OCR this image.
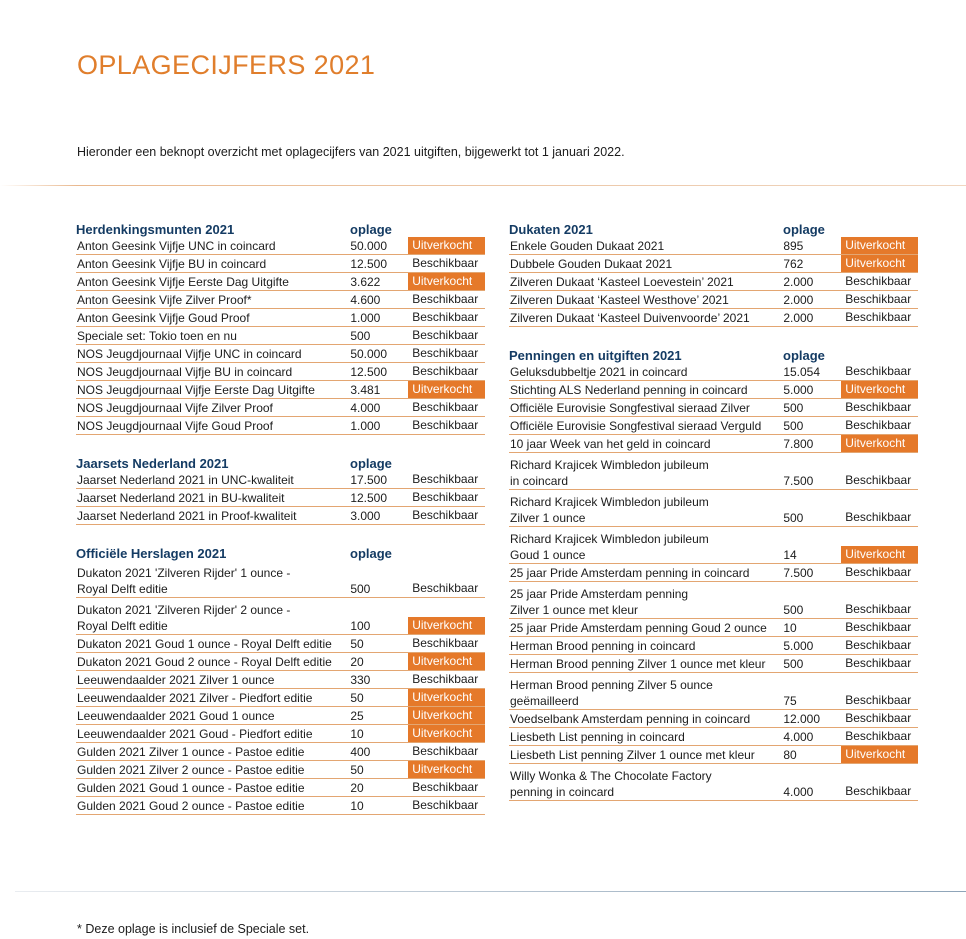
OPLAGECIJFERS 2021

Hieronder een beknopt overzicht met oplagecijfers van 2021 uitgiften, bijgewerkt tot 1 januari 2022.

Herdenkingsmunten 2021	oplage
Anton Geesink Vijfje UNC in coincard	50.000	Uitverkocht
Anton Geesink Vijfje BU in coincard	12.500	Beschikbaar
Anton Geesink Vijfje Eerste Dag Uitgifte	3.622	Uitverkocht
Anton Geesink Vijfe Zilver Proof*	4.600	Beschikbaar
Anton Geesink Vijfje Goud Proof	1.000	Beschikbaar
Speciale set: Tokio toen en nu	500	Beschikbaar
NOS Jeugdjournaal Vijfje UNC in coincard	50.000	Beschikbaar
NOS Jeugdjournaal Vijfje BU in coincard	12.500	Beschikbaar
NOS Jeugdjournaal Vijfje Eerste Dag Uitgifte	3.481	Uitverkocht
NOS Jeugdjournaal Vijfe Zilver Proof	4.000	Beschikbaar
NOS Jeugdjournaal Vijfe Goud Proof	1.000	Beschikbaar
Jaarsets Nederland 2021	oplage
Jaarset Nederland 2021 in UNC-kwaliteit	17.500	Beschikbaar
Jaarset Nederland 2021 in BU-kwaliteit	12.500	Beschikbaar
Jaarset Nederland 2021 in Proof-kwaliteit	3.000	Beschikbaar
Officiële Herslagen 2021	oplage
Dukaton 2021 'Zilveren Rijder' 1 ounce -
Royal Delft editie	500	Beschikbaar
Dukaton 2021 'Zilveren Rijder' 2 ounce -
Royal Delft editie	100	Uitverkocht
Dukaton 2021 Goud 1 ounce - Royal Delft editie	50	Beschikbaar
Dukaton 2021 Goud 2 ounce - Royal Delft editie	20	Uitverkocht
Leeuwendaalder 2021 Zilver 1 ounce	330	Beschikbaar
Leeuwendaalder 2021 Zilver - Piedfort editie	50	Uitverkocht
Leeuwendaalder 2021 Goud 1 ounce	25	Uitverkocht
Leeuwendaalder 2021 Goud - Piedfort editie	10	Uitverkocht
Gulden 2021 Zilver 1 ounce - Pastoe editie	400	Beschikbaar
Gulden 2021 Zilver 2 ounce - Pastoe editie	50	Uitverkocht
Gulden 2021 Goud 1 ounce - Pastoe editie	20	Beschikbaar
Gulden 2021 Goud 2 ounce - Pastoe editie	10	Beschikbaar
Dukaten 2021	oplage
Enkele Gouden Dukaat 2021	895	Uitverkocht
Dubbele Gouden Dukaat 2021	762	Uitverkocht
Zilveren Dukaat ‘Kasteel Loevestein’ 2021	2.000	Beschikbaar
Zilveren Dukaat ‘Kasteel Westhove’ 2021	2.000	Beschikbaar
Zilveren Dukaat ‘Kasteel Duivenvoorde’ 2021	2.000	Beschikbaar
Penningen en uitgiften 2021	oplage
Geluksdubbeltje 2021 in coincard	15.054	Beschikbaar
Stichting ALS Nederland penning in coincard	5.000	Uitverkocht
Officiële Eurovisie Songfestival sieraad Zilver	500	Beschikbaar
Officiële Eurovisie Songfestival sieraad Verguld	500	Beschikbaar
10 jaar Week van het geld in coincard	7.800	Uitverkocht
Richard Krajicek Wimbledon jubileum
in coincard	7.500	Beschikbaar
Richard Krajicek Wimbledon jubileum
Zilver 1 ounce	500	Beschikbaar
Richard Krajicek Wimbledon jubileum
Goud 1 ounce	14	Uitverkocht
25 jaar Pride Amsterdam penning in coincard	7.500	Beschikbaar
25 jaar Pride Amsterdam penning
Zilver 1 ounce met kleur	500	Beschikbaar
25 jaar Pride Amsterdam penning Goud 2 ounce	10	Beschikbaar
Herman Brood penning in coincard	5.000	Beschikbaar
Herman Brood penning Zilver 1 ounce met kleur	500	Beschikbaar
Herman Brood penning Zilver 5 ounce
geëmailleerd	75	Beschikbaar
Voedselbank Amsterdam penning in coincard	12.000	Beschikbaar
Liesbeth List penning in coincard	4.000	Beschikbaar
Liesbeth List penning Zilver 1 ounce met kleur	80	Uitverkocht
Willy Wonka & The Chocolate Factory
penning in coincard	4.000	Beschikbaar

* Deze oplage is inclusief de Speciale set.
